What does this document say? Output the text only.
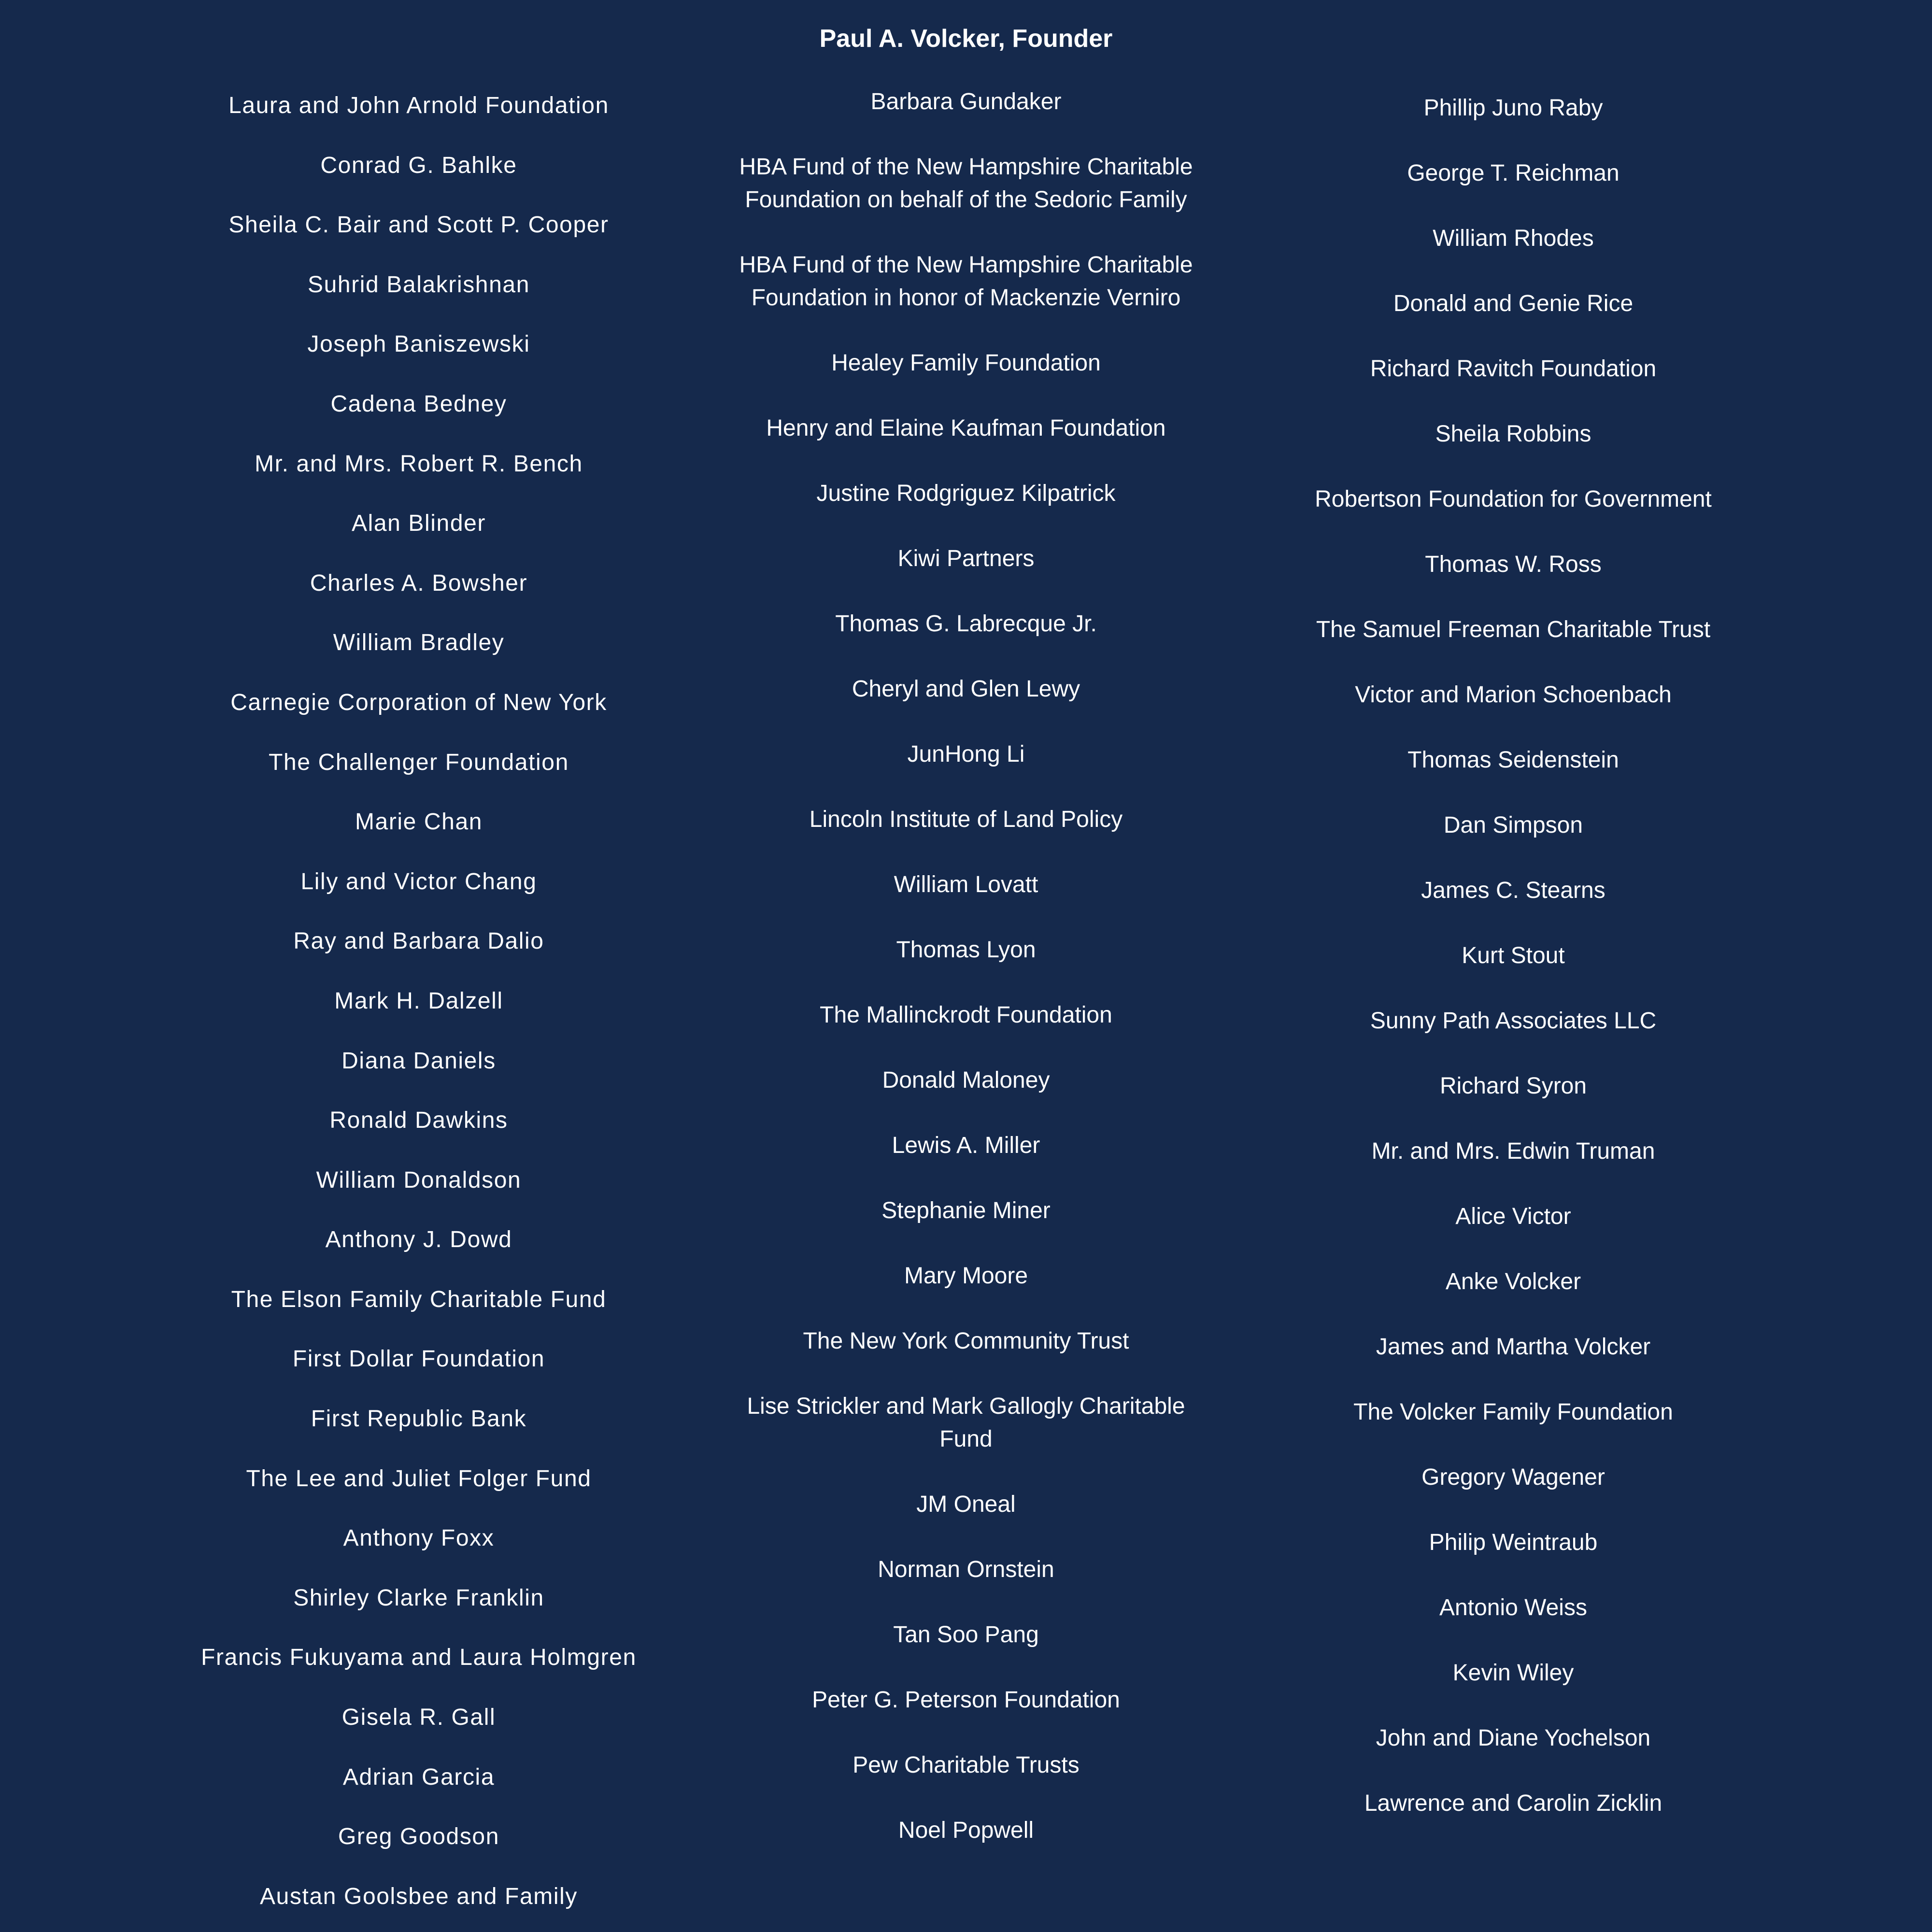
Paul A. Volcker, Founder
Laura and John Arnold Foundation
Conrad G. Bahlke
Sheila C. Bair and Scott P. Cooper
Suhrid Balakrishnan
Joseph Baniszewski
Cadena Bedney
Mr. and Mrs. Robert R. Bench
Alan Blinder
Charles A. Bowsher
William Bradley
Carnegie Corporation of New York
The Challenger Foundation
Marie Chan
Lily and Victor Chang
Ray and Barbara Dalio
Mark H. Dalzell
Diana Daniels
Ronald Dawkins
William Donaldson
Anthony J. Dowd
The Elson Family Charitable Fund
First Dollar Foundation
First Republic Bank
The Lee and Juliet Folger Fund
Anthony Foxx
Shirley Clarke Franklin
Francis Fukuyama and Laura Holmgren
Gisela R. Gall
Adrian Garcia
Greg Goodson
Austan Goolsbee and Family
Barbara Gundaker
HBA Fund of the New Hampshire Charitable Foundation on behalf of the Sedoric Family
HBA Fund of the New Hampshire Charitable Foundation in honor of Mackenzie Verniro
Healey Family Foundation
Henry and Elaine Kaufman Foundation
Justine Rodgriguez Kilpatrick
Kiwi Partners
Thomas G. Labrecque Jr.
Cheryl and Glen Lewy
JunHong Li
Lincoln Institute of Land Policy
William Lovatt
Thomas Lyon
The Mallinckrodt Foundation
Donald Maloney
Lewis A. Miller
Stephanie Miner
Mary Moore
The New York Community Trust
Lise Strickler and Mark Gallogly Charitable Fund
JM Oneal
Norman Ornstein
Tan Soo Pang
Peter G. Peterson Foundation
Pew Charitable Trusts
Noel Popwell
Phillip Juno Raby
George T. Reichman
William Rhodes
Donald and Genie Rice
Richard Ravitch Foundation
Sheila Robbins
Robertson Foundation for Government
Thomas W. Ross
The Samuel Freeman Charitable Trust
Victor and Marion Schoenbach
Thomas Seidenstein
Dan Simpson
James C. Stearns
Kurt Stout
Sunny Path Associates LLC
Richard Syron
Mr. and Mrs. Edwin Truman
Alice Victor
Anke Volcker
James and Martha Volcker
The Volcker Family Foundation
Gregory Wagener
Philip Weintraub
Antonio Weiss
Kevin Wiley
John and Diane Yochelson
Lawrence and Carolin Zicklin
